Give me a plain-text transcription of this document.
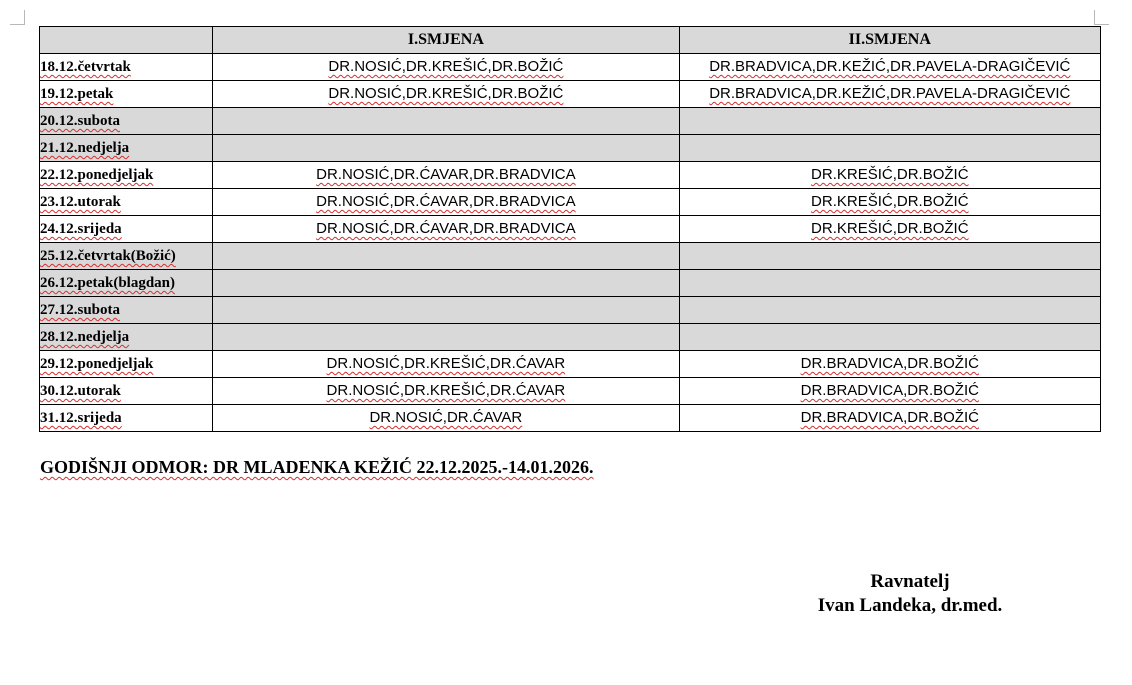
	I.SMJENA	II.SMJENA
18.12.četvrtak	DR.NOSIĆ,DR.KREŠIĆ,DR.BOŽIĆ	DR.BRADVICA,DR.KEŽIĆ,DR.PAVELA-DRAGIČEVIĆ
19.12.petak	DR.NOSIĆ,DR.KREŠIĆ,DR.BOŽIĆ	DR.BRADVICA,DR.KEŽIĆ,DR.PAVELA-DRAGIČEVIĆ
20.12.subota		
21.12.nedjelja		
22.12.ponedjeljak	DR.NOSIĆ,DR.ĆAVAR,DR.BRADVICA	DR.KREŠIĆ,DR.BOŽIĆ
23.12.utorak	DR.NOSIĆ,DR.ĆAVAR,DR.BRADVICA	DR.KREŠIĆ,DR.BOŽIĆ
24.12.srijeda	DR.NOSIĆ,DR.ĆAVAR,DR.BRADVICA	DR.KREŠIĆ,DR.BOŽIĆ
25.12.četvrtak(Božić)		
26.12.petak(blagdan)		
27.12.subota		
28.12.nedjelja		
29.12.ponedjeljak	DR.NOSIĆ,DR.KREŠIĆ,DR.ĆAVAR	DR.BRADVICA,DR.BOŽIĆ
30.12.utorak	DR.NOSIĆ,DR.KREŠIĆ,DR.ĆAVAR	DR.BRADVICA,DR.BOŽIĆ
31.12.srijeda	DR.NOSIĆ,DR.ĆAVAR	DR.BRADVICA,DR.BOŽIĆ
GODIŠNJI ODMOR: DR MLADENKA KEŽIĆ 22.12.2025.-14.01.2026.
Ravnatelj
Ivan Landeka, dr.med.
